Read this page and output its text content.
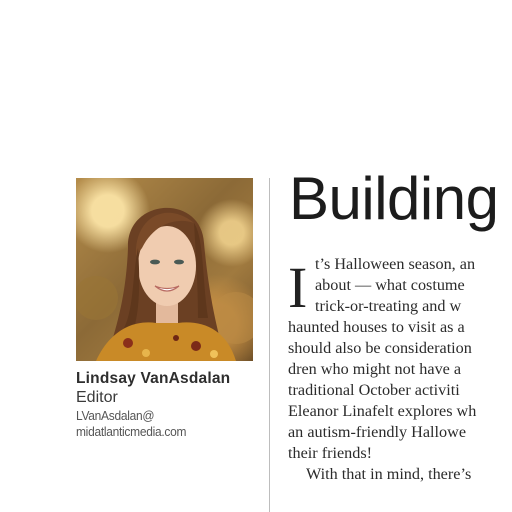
Lindsay VanAsdalan
Editor
LVanAsdalan@
midatlanticmedia.com
Building
I t’s Halloween season, an
about — what costume
trick-or-treating and w
haunted houses to visit as a
should also be consideration
dren who might not have a
traditional October activiti
Eleanor Linafelt explores wh
an autism-friendly Hallowe
their friends!
With that in mind, there’s
